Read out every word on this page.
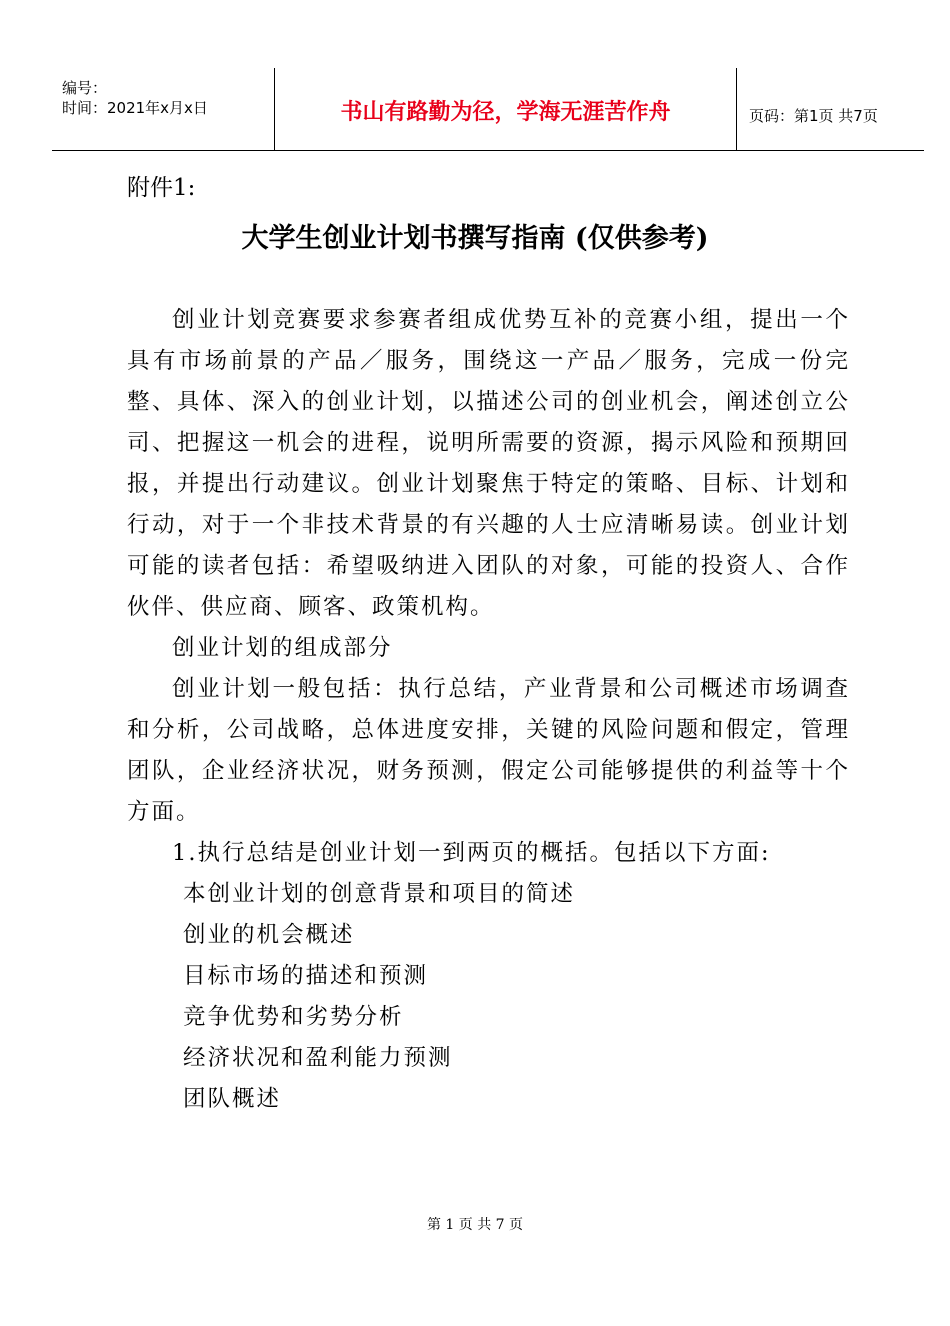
编号：
时间：2021年x月x日	书山有路勤为径，学海无涯苦作舟	页码：第1页 共7页
附件1:
大学生创业计划书撰写指南 (仅供参考)

创业计划竞赛要求参赛者组成优势互补的竞赛小组，提出一个具有市场前景的产品／服务，围绕这一产品／服务，完成一份完整、具体、深入的创业计划，以描述公司的创业机会，阐述创立公司、把握这一机会的进程，说明所需要的资源，揭示风险和预期回报，并提出行动建议。创业计划聚焦于特定的策略、目标、计划和行动，对于一个非技术背景的有兴趣的人士应清晰易读。创业计划可能的读者包括：希望吸纳进入团队的对象，可能的投资人、合作伙伴、供应商、顾客、政策机构。

创业计划的组成部分

创业计划一般包括：执行总结，产业背景和公司概述市场调查和分析，公司战略，总体进度安排，关键的风险问题和假定，管理团队，企业经济状况，财务预测，假定公司能够提供的利益等十个方面。

1.执行总结是创业计划一到两页的概括。包括以下方面:

本创业计划的创意背景和项目的简述
创业的机会概述
目标市场的描述和预测
竞争优势和劣势分析
经济状况和盈利能力预测
团队概述
第 1 页 共 7 页
